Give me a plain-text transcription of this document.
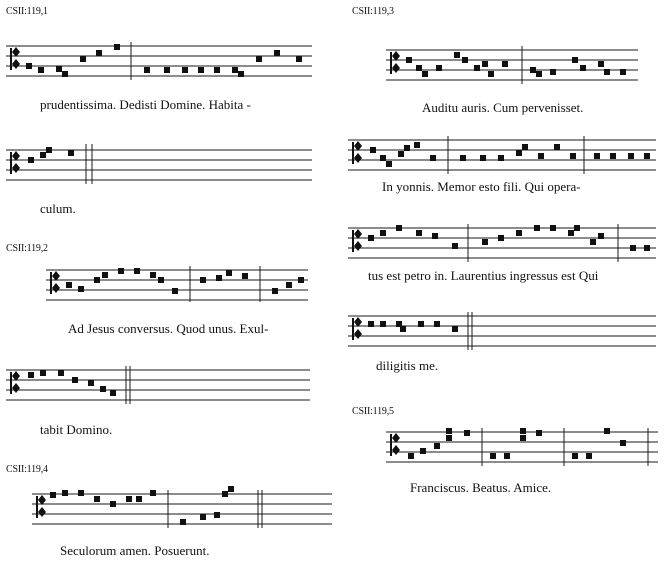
CSII:119,1
prudentissima. Dedisti Domine. Habita -
culum.
CSII:119,2
Ad Jesus conversus. Quod unus. Exul-
tabit Domino.
CSII:119,4
Seculorum amen. Posuerunt.
CSII:119,3
Auditu auris. Cum pervenisset.
In yonnis. Memor esto fili. Qui opera-
tus est petro in. Laurentius ingressus est Qui
diligitis me.
CSII:119,5
Franciscus. Beatus. Amice.
